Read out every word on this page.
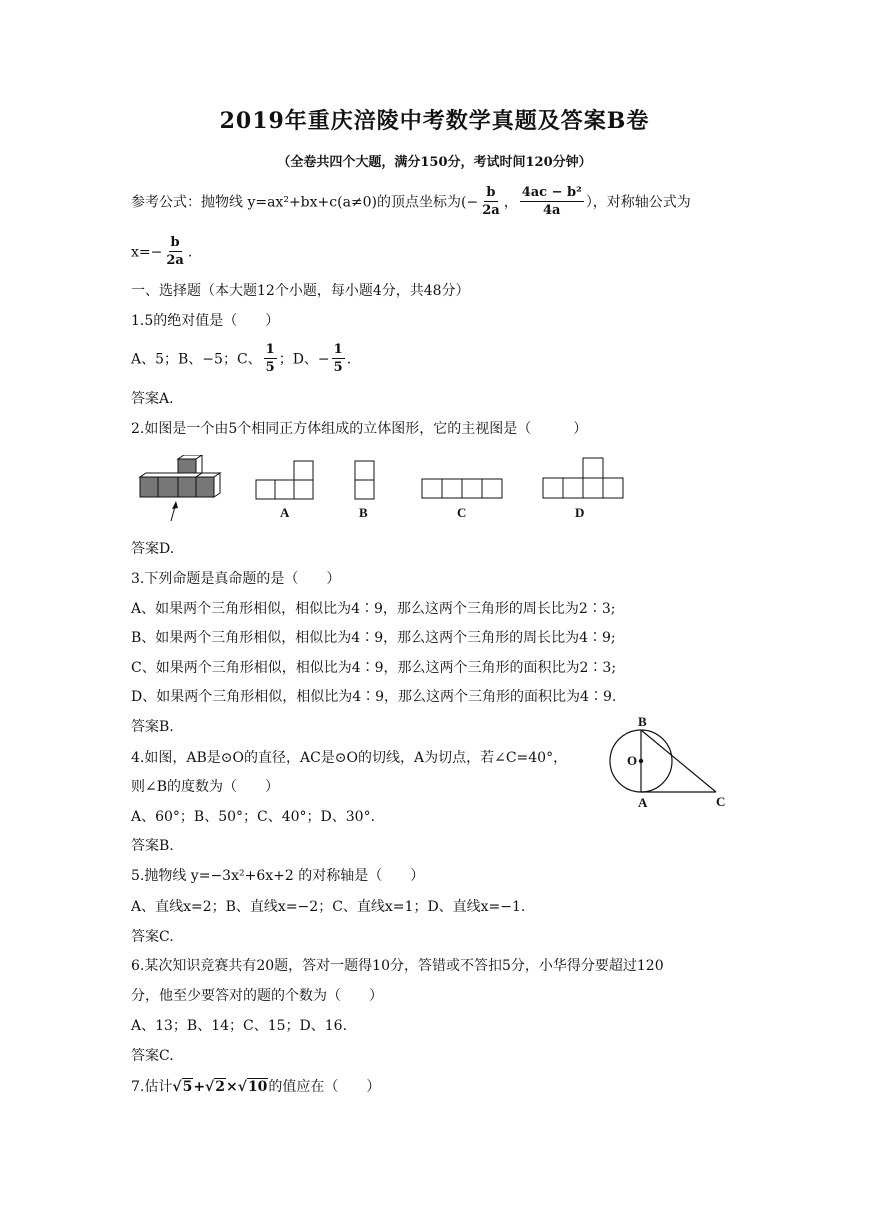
2019年重庆涪陵中考数学真题及答案B卷
（全卷共四个大题，满分150分，考试时间120分钟）
参考公式：抛物线 y=ax²+bx+c(a≠0)的顶点坐标为(− $\frac{b}{2a}$ ， $\frac{\text{4ac − b²}}{4a}$ ），对称轴公式为
$x=- \frac{b}{2a}$ .
一、选择题（本大题12个小题，每小题4分，共48分）
1.5的绝对值是（　　）
A、5；B、−5；C、 $\frac{1}{5}$ ；D、− $\frac{1}{5}$ .
答案A.
2.如图是一个由5个相同正方体组成的立体图形，它的主视图是（　　　）
A	B	C	D
答案D.
3.下列命题是真命题的是（　　）
A、如果两个三角形相似，相似比为4∶9，那么这两个三角形的周长比为2∶3;
B、如果两个三角形相似，相似比为4∶9，那么这两个三角形的周长比为4∶9;
C、如果两个三角形相似，相似比为4∶9，那么这两个三角形的面积比为2∶3;
D、如果两个三角形相似，相似比为4∶9，那么这两个三角形的面积比为4∶9.
答案B.
4.如图，AB是⊙O的直径，AC是⊙O的切线，A为切点，若∠C=40°，
则∠B的度数为（　　）
A、60°；B、50°；C、40°；D、30°.
答案B.
B
O
A	C
5.抛物线 y=−3x²+6x+2 的对称轴是（　　）
A、直线x=2；B、直线x=−2；C、直线x=1；D、直线x=−1.
答案C.
6.某次知识竞赛共有20题，答对一题得10分，答错或不答扣5分，小华得分要超过120
分，他至少要答对的题的个数为（　　）
A、13；B、14；C、15；D、16.
答案C.
7.估计√5+√2×√10的值应在（　　）
